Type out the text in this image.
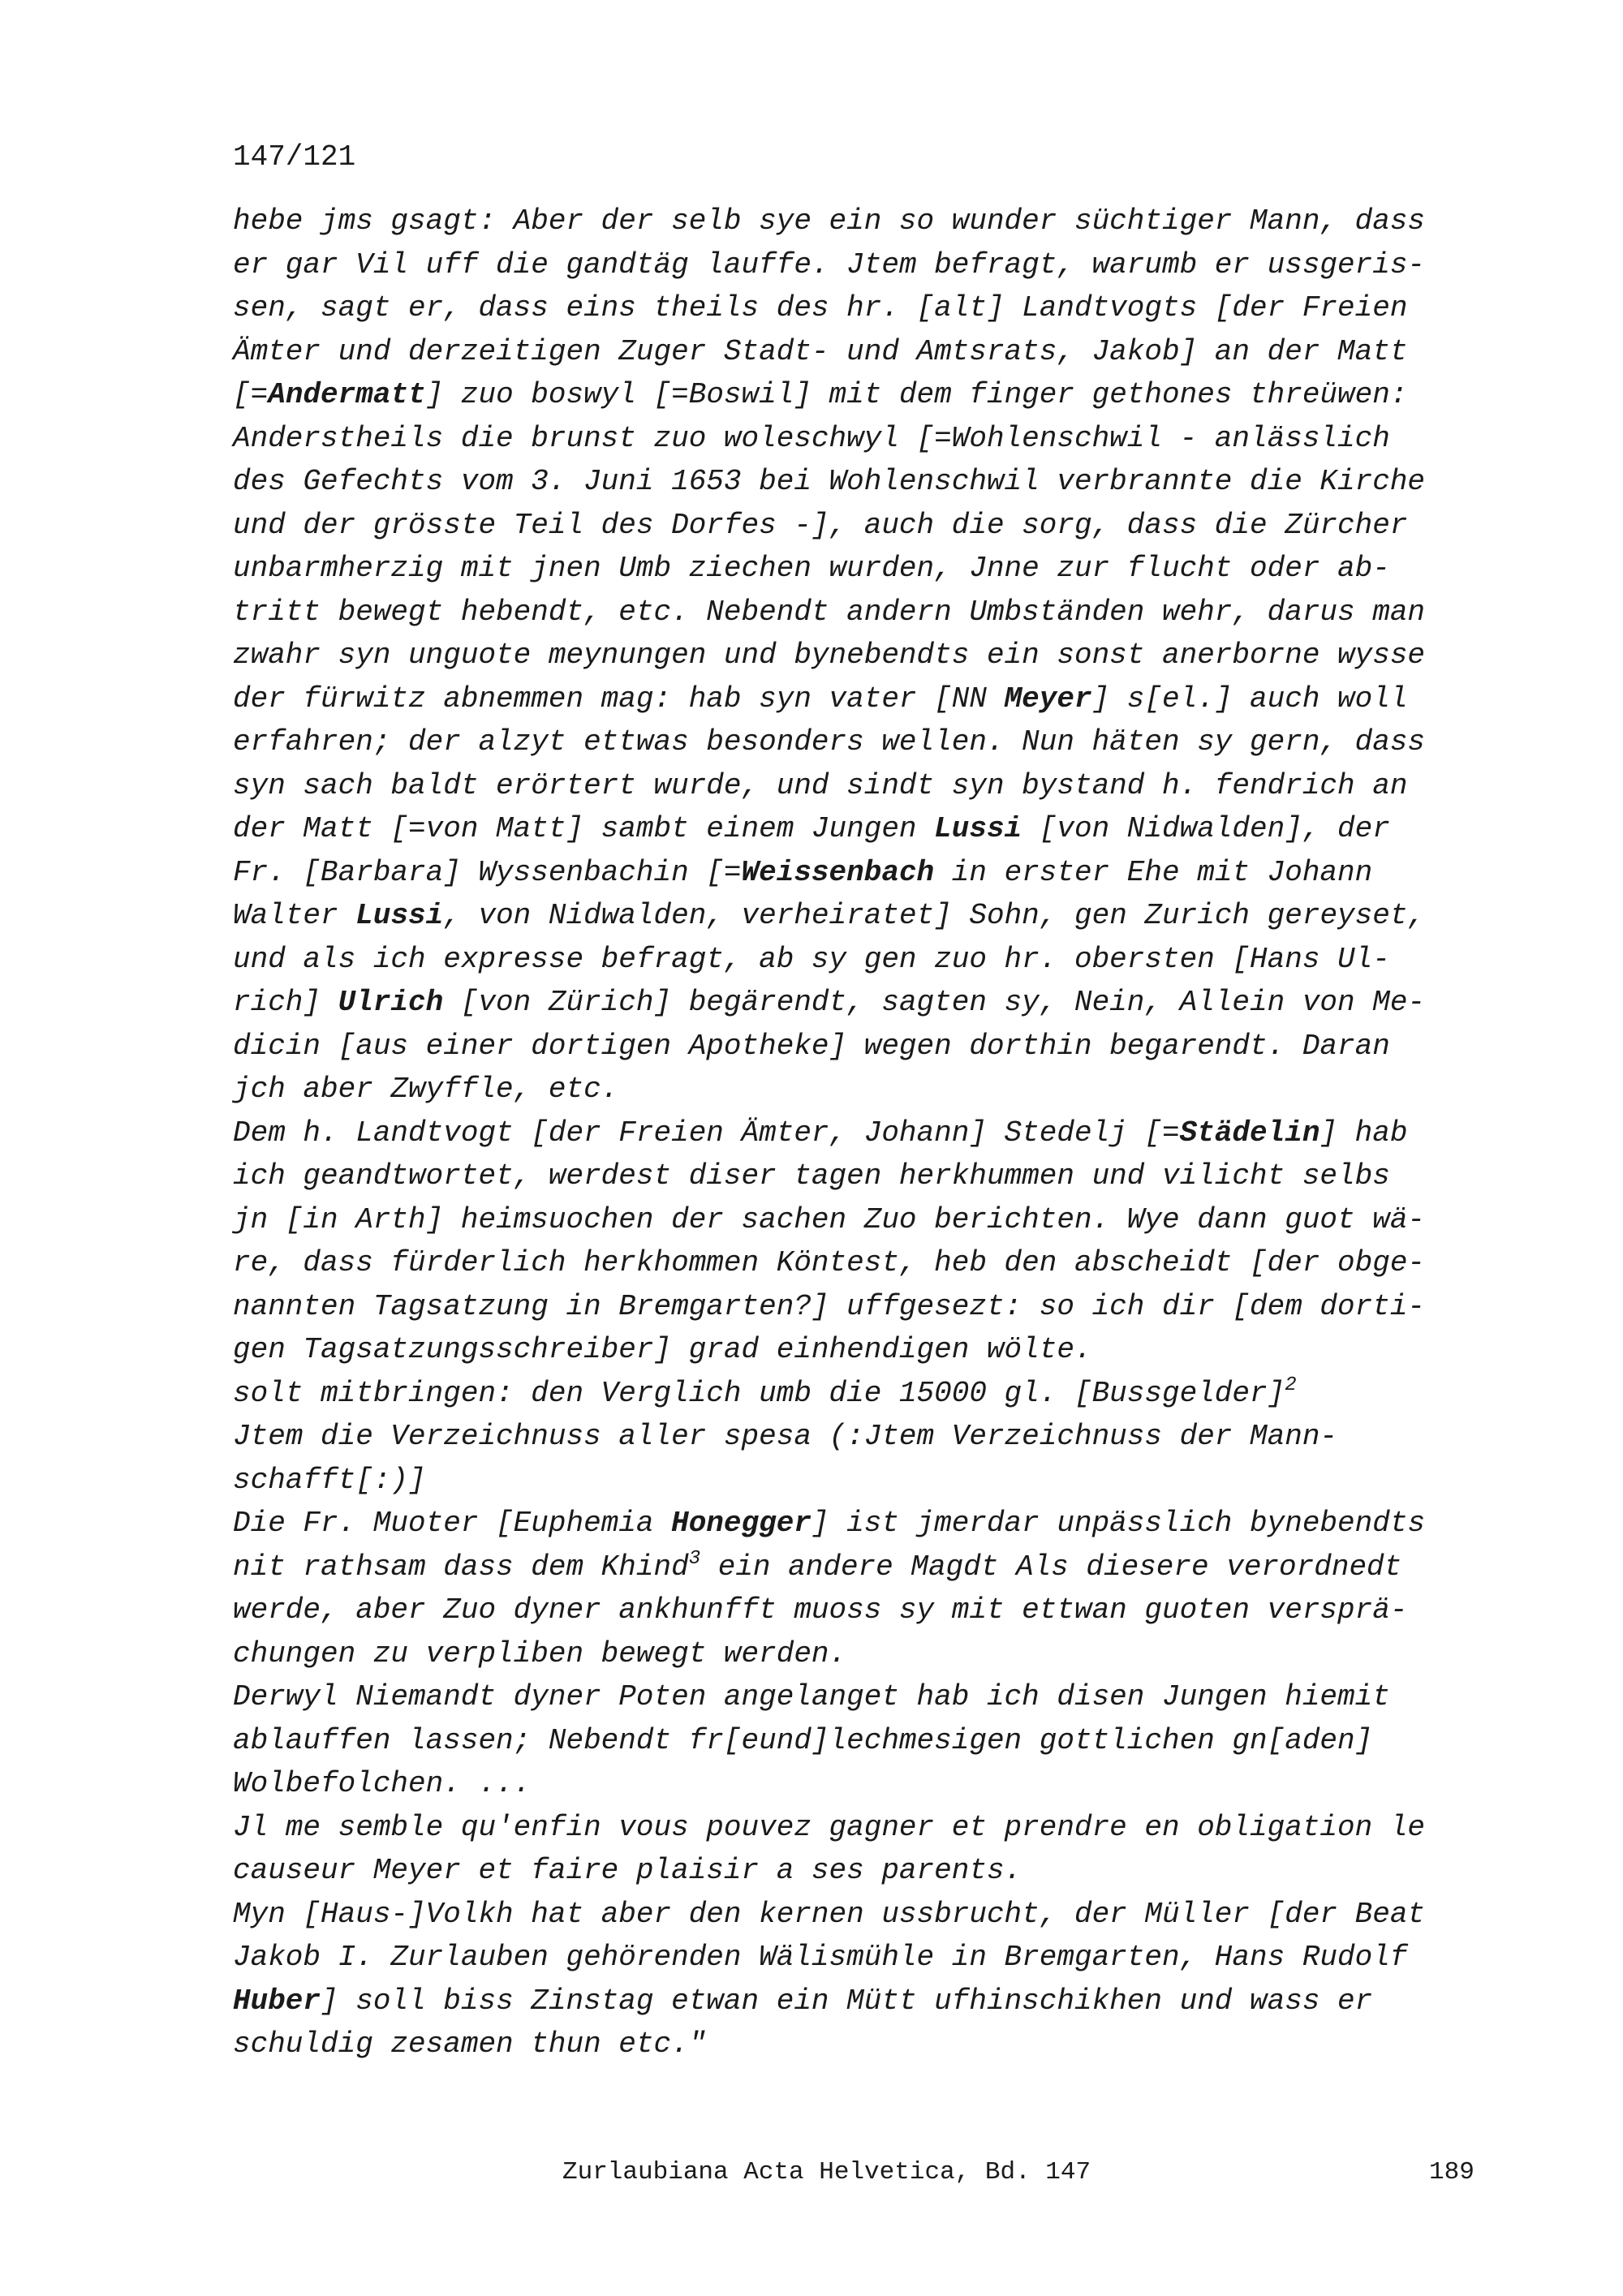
147/121
hebe jms gsagt: Aber der selb sye ein so wunder süchtiger Mann, dass
er gar Vil uff die gandtäg lauffe. Jtem befragt, warumb er ussgeris-
sen, sagt er, dass eins theils des hr. [alt] Landtvogts [der Freien
Ämter und derzeitigen Zuger Stadt- und Amtsrats, Jakob] an der Matt
[=Andermatt] zuo boswyl [=Boswil] mit dem finger gethones threüwen:
Anderstheils die brunst zuo woleschwyl [=Wohlenschwil - anlässlich
des Gefechts vom 3. Juni 1653 bei Wohlenschwil verbrannte die Kirche
und der grösste Teil des Dorfes -], auch die sorg, dass die Zürcher
unbarmherzig mit jnen Umb ziechen wurden, Jnne zur flucht oder ab-
tritt bewegt hebendt, etc. Nebendt andern Umbständen wehr, darus man
zwahr syn unguote meynungen und bynebendts ein sonst anerborne wysse
der fürwitz abnemmen mag: hab syn vater [NN Meyer] s[el.] auch woll
erfahren; der alzyt ettwas besonders wellen. Nun häten sy gern, dass
syn sach baldt erörtert wurde, und sindt syn bystand h. fendrich an
der Matt [=von Matt] sambt einem Jungen Lussi [von Nidwalden], der
Fr. [Barbara] Wyssenbachin [=Weissenbach in erster Ehe mit Johann
Walter Lussi, von Nidwalden, verheiratet] Sohn, gen Zurich gereyset,
und als ich expresse befragt, ab sy gen zuo hr. obersten [Hans Ul-
rich] Ulrich [von Zürich] begärendt, sagten sy, Nein, Allein von Me-
dicin [aus einer dortigen Apotheke] wegen dorthin begarendt. Daran
jch aber Zwyffle, etc.
Dem h. Landtvogt [der Freien Ämter, Johann] Stedelj [=Städelin] hab
ich geandtwortet, werdest diser tagen herkhummen und vilicht selbs
jn [in Arth] heimsuochen der sachen Zuo berichten. Wye dann guot wä-
re, dass fürderlich herkhommen Köntest, heb den abscheidt [der obge-
nannten Tagsatzung in Bremgarten?] uffgesezt: so ich dir [dem dorti-
gen Tagsatzungsschreiber] grad einhendigen wölte.
solt mitbringen: den Verglich umb die 15000 gl. [Bussgelder]$^2$
Jtem die Verzeichnuss aller spesa (:Jtem Verzeichnuss der Mann-
schafft[:)]
Die Fr. Muoter [Euphemia Honegger] ist jmerdar unpässlich bynebendts
nit rathsam dass dem Khind$^3$ ein andere Magdt Als diesere verordnedt
werde, aber Zuo dyner ankhunfft muoss sy mit ettwan guoten versprä-
chungen zu verpliben bewegt werden.
Derwyl Niemandt dyner Poten angelanget hab ich disen Jungen hiemit
ablauffen lassen; Nebendt fr[eund]lechmesigen gottlichen gn[aden]
Wolbefolchen. ...
Jl me semble qu'enfin vous pouvez gagner et prendre en obligation le
causeur Meyer et faire plaisir a ses parents.
Myn [Haus-]Volkh hat aber den kernen ussbrucht, der Müller [der Beat
Jakob I. Zurlauben gehörenden Wälismühle in Bremgarten, Hans Rudolf
Huber] soll biss Zinstag etwan ein Mütt ufhinschikhen und wass er
schuldig zesamen thun etc."
Zurlaubiana Acta Helvetica, Bd. 147	189
